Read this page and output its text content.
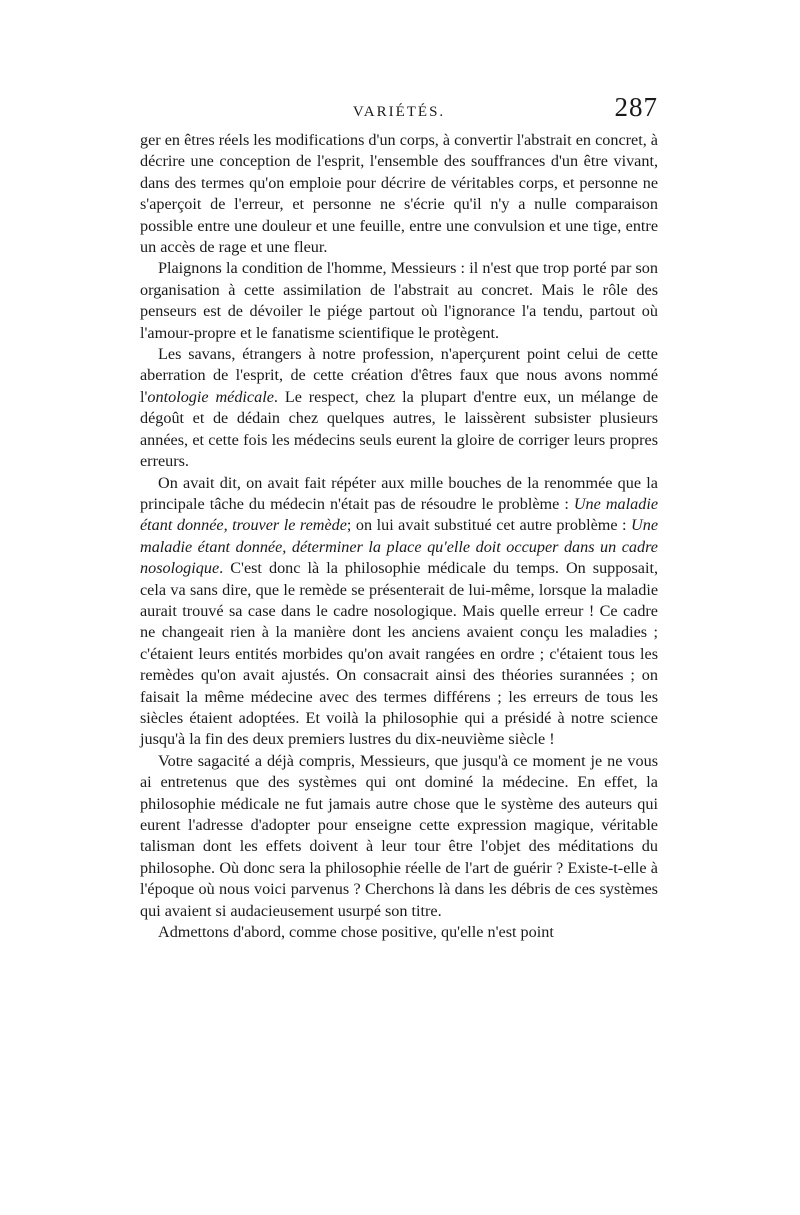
VARIÉTÉS.	287

ger en êtres réels les modifications d'un corps, à convertir l'abstrait en concret, à décrire une conception de l'esprit, l'ensemble des souffrances d'un être vivant, dans des termes qu'on emploie pour décrire de véritables corps, et personne ne s'aperçoit de l'erreur, et personne ne s'écrie qu'il n'y a nulle comparaison possible entre une douleur et une feuille, entre une convulsion et une tige, entre un accès de rage et une fleur.

Plaignons la condition de l'homme, Messieurs : il n'est que trop porté par son organisation à cette assimilation de l'abstrait au concret. Mais le rôle des penseurs est de dévoiler le piége partout où l'ignorance l'a tendu, partout où l'amour-propre et le fanatisme scientifique le protègent.

Les savans, étrangers à notre profession, n'aperçurent point celui de cette aberration de l'esprit, de cette création d'êtres faux que nous avons nommé l'ontologie médicale. Le respect, chez la plupart d'entre eux, un mélange de dégoût et de dédain chez quelques autres, le laissèrent subsister plusieurs années, et cette fois les médecins seuls eurent la gloire de corriger leurs propres erreurs.

On avait dit, on avait fait répéter aux mille bouches de la renommée que la principale tâche du médecin n'était pas de résoudre le problème : Une maladie étant donnée, trouver le remède; on lui avait substitué cet autre problème : Une maladie étant donnée, déterminer la place qu'elle doit occuper dans un cadre nosologique. C'est donc là la philosophie médicale du temps. On supposait, cela va sans dire, que le remède se présenterait de lui-même, lorsque la maladie aurait trouvé sa case dans le cadre nosologique. Mais quelle erreur ! Ce cadre ne changeait rien à la manière dont les anciens avaient conçu les maladies ; c'étaient leurs entités morbides qu'on avait rangées en ordre ; c'étaient tous les remèdes qu'on avait ajustés. On consacrait ainsi des théories surannées ; on faisait la même médecine avec des termes différens ; les erreurs de tous les siècles étaient adoptées. Et voilà la philosophie qui a présidé à notre science jusqu'à la fin des deux premiers lustres du dix-neuvième siècle !

Votre sagacité a déjà compris, Messieurs, que jusqu'à ce moment je ne vous ai entretenus que des systèmes qui ont dominé la médecine. En effet, la philosophie médicale ne fut jamais autre chose que le système des auteurs qui eurent l'adresse d'adopter pour enseigne cette expression magique, véritable talisman dont les effets doivent à leur tour être l'objet des méditations du philosophe. Où donc sera la philosophie réelle de l'art de guérir ? Existe-t-elle à l'époque où nous voici parvenus ? Cherchons là dans les débris de ces systèmes qui avaient si audacieusement usurpé son titre.

Admettons d'abord, comme chose positive, qu'elle n'est point
